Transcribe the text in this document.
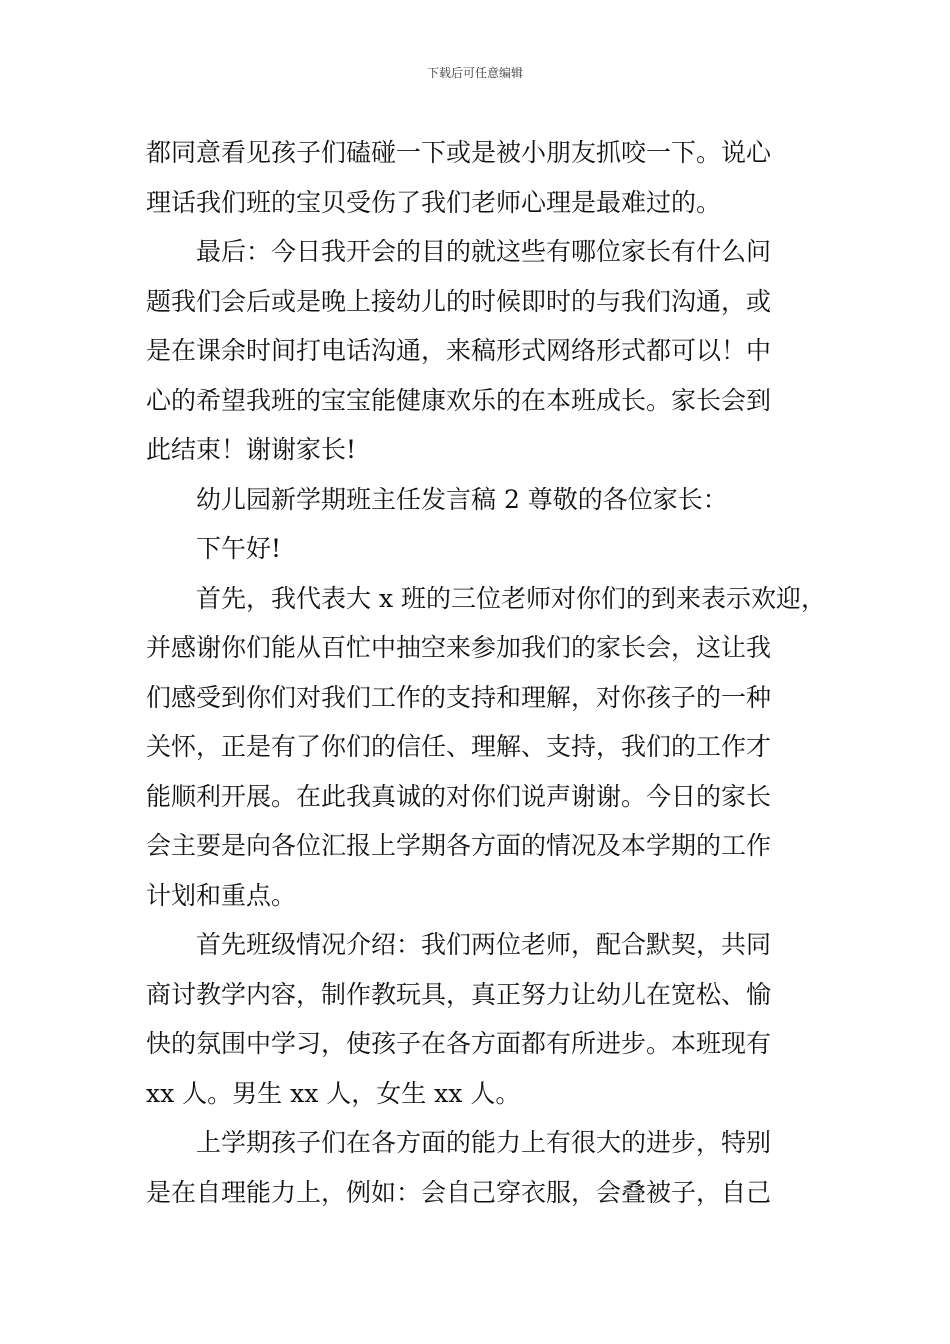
下载后可任意编辑
都同意看见孩子们磕碰一下或是被小朋友抓咬一下。说心
理话我们班的宝贝受伤了我们老师心理是最难过的。
最后：今日我开会的目的就这些有哪位家长有什么问
题我们会后或是晚上接幼儿的时候即时的与我们沟通，或
是在课余时间打电话沟通，来稿形式网络形式都可以！中
心的希望我班的宝宝能健康欢乐的在本班成长。家长会到
此结束！谢谢家长!
幼儿园新学期班主任发言稿 2 尊敬的各位家长：
下午好!
首先，我代表大 x 班的三位老师对你们的到来表示欢迎，
并感谢你们能从百忙中抽空来参加我们的家长会，这让我
们感受到你们对我们工作的支持和理解，对你孩子的一种
关怀，正是有了你们的信任、理解、支持，我们的工作才
能顺利开展。在此我真诚的对你们说声谢谢。今日的家长
会主要是向各位汇报上学期各方面的情况及本学期的工作
计划和重点。
首先班级情况介绍：我们两位老师，配合默契，共同
商讨教学内容，制作教玩具，真正努力让幼儿在宽松、愉
快的氛围中学习，使孩子在各方面都有所进步。本班现有
xx 人。男生 xx 人，女生 xx 人。
上学期孩子们在各方面的能力上有很大的进步，特别
是在自理能力上，例如：会自己穿衣服，会叠被子，自己
